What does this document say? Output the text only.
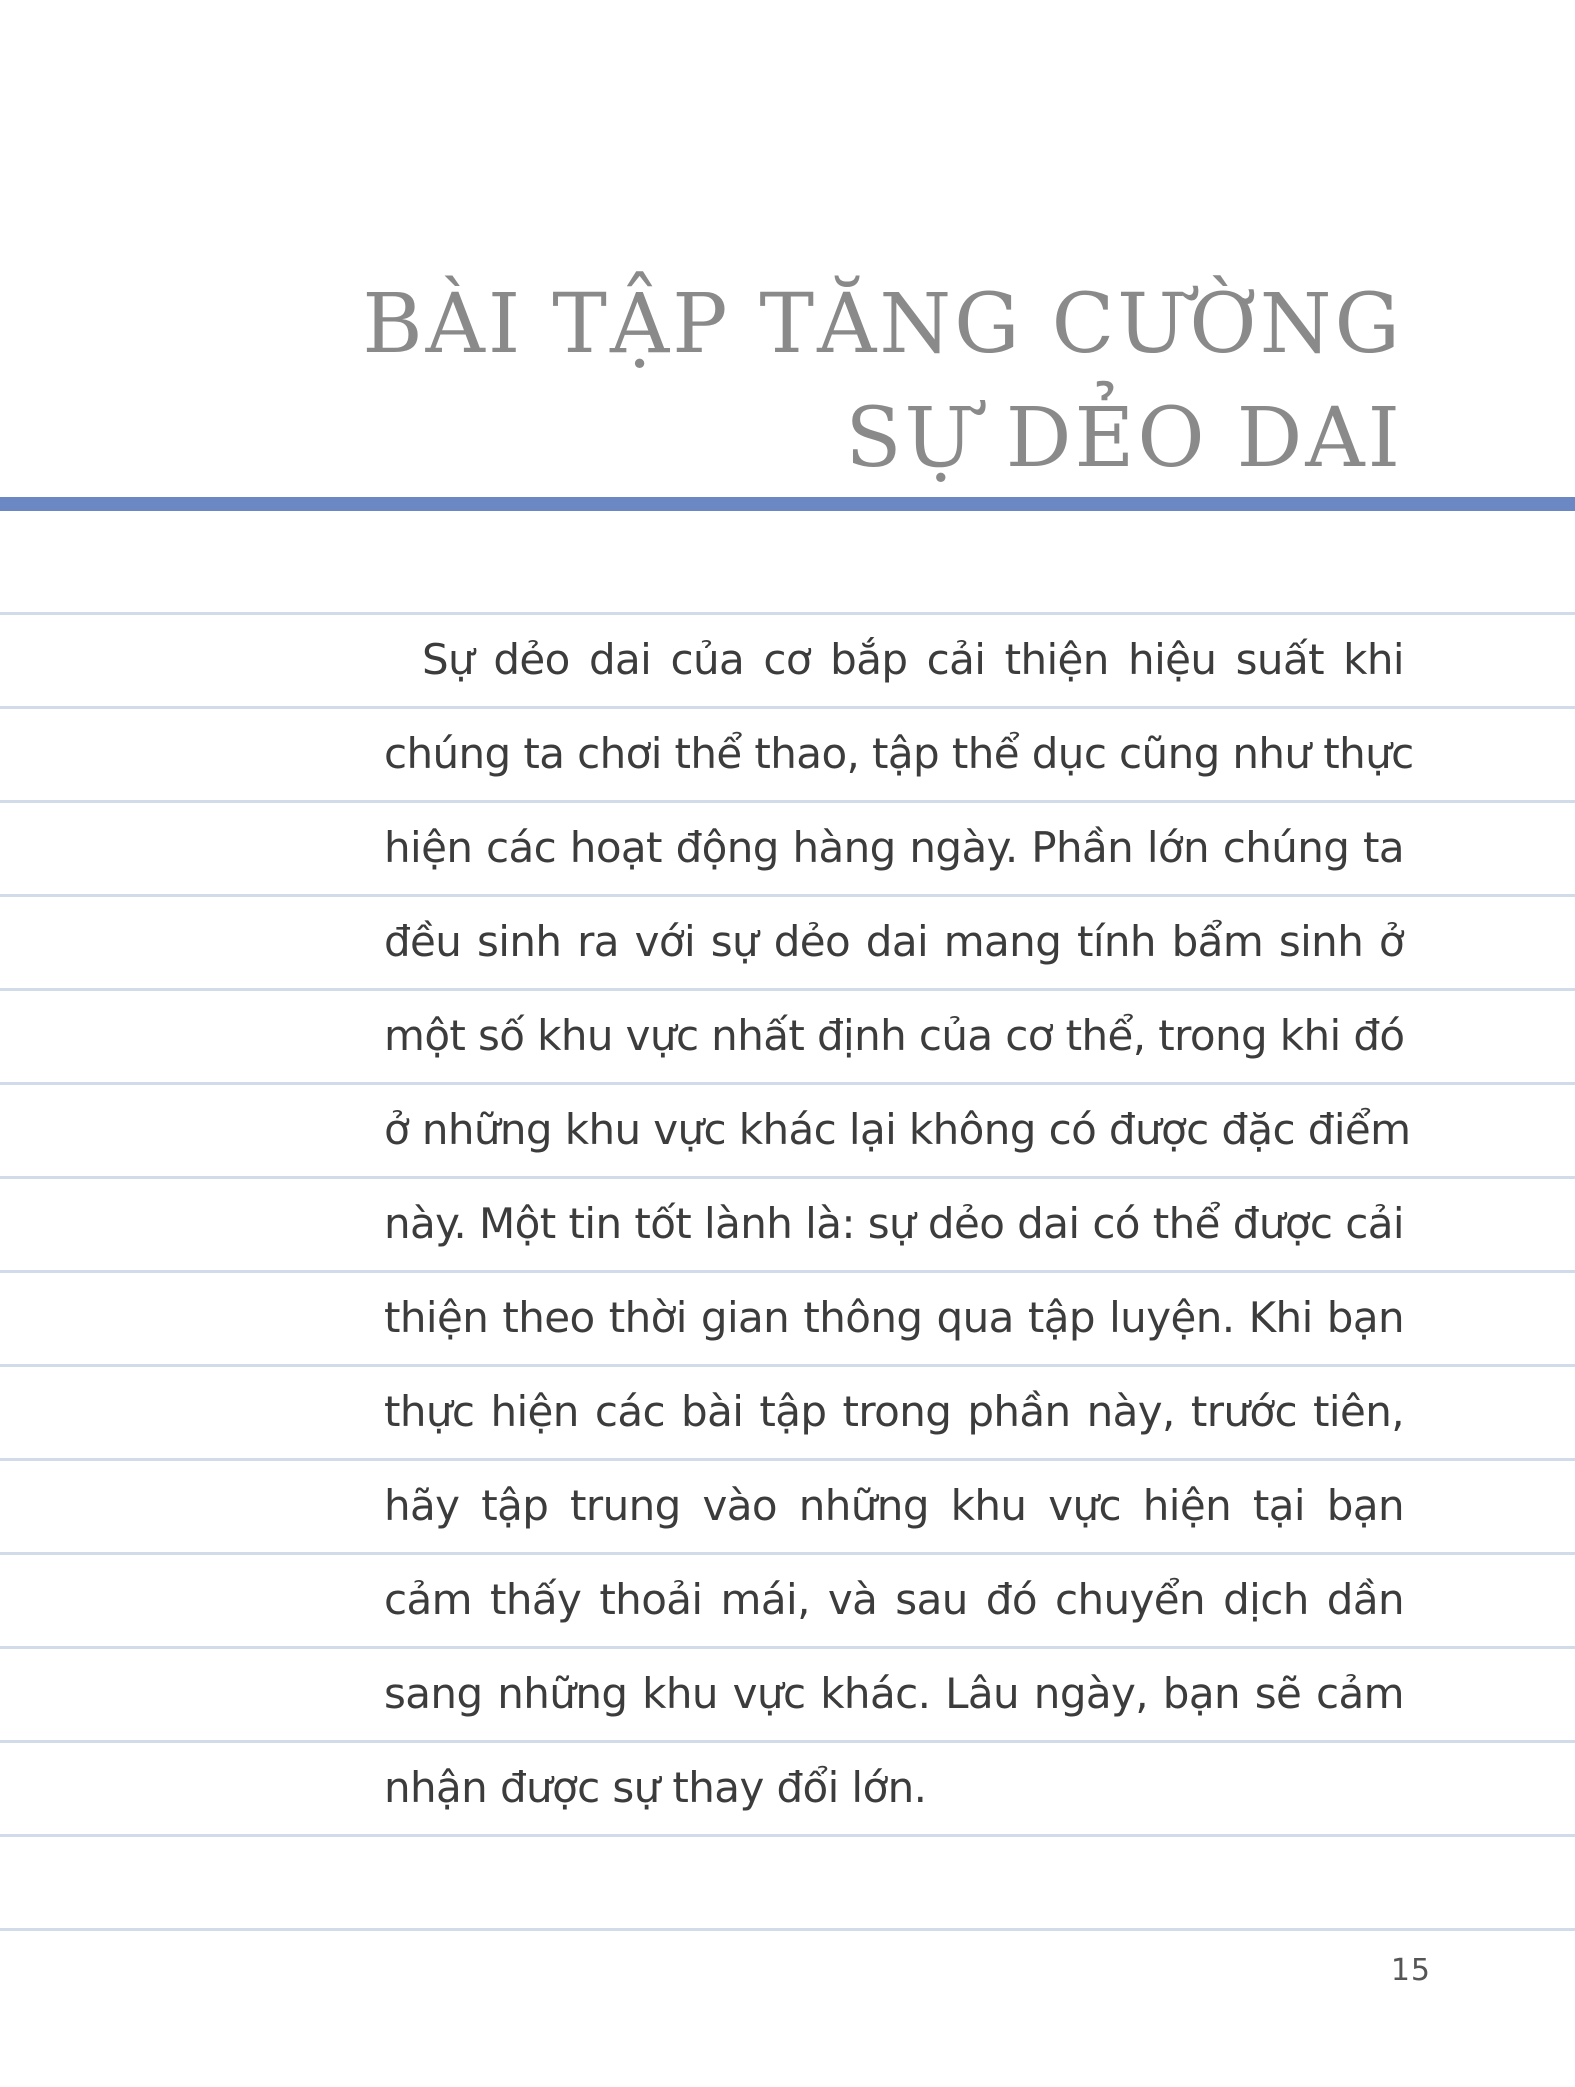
BÀI TẬP TĂNG CƯỜNG
SỰ DẺO DAI
Sự dẻo dai của cơ bắp cải thiện hiệu suất khi
chúng ta chơi thể thao, tập thể dục cũng như thực
hiện các hoạt động hàng ngày. Phần lớn chúng ta
đều sinh ra với sự dẻo dai mang tính bẩm sinh ở
một số khu vực nhất định của cơ thể, trong khi đó
ở những khu vực khác lại không có được đặc điểm
này. Một tin tốt lành là: sự dẻo dai có thể được cải
thiện theo thời gian thông qua tập luyện. Khi bạn
thực hiện các bài tập trong phần này, trước tiên,
hãy tập trung vào những khu vực hiện tại bạn
cảm thấy thoải mái, và sau đó chuyển dịch dần
sang những khu vực khác. Lâu ngày, bạn sẽ cảm
nhận được sự thay đổi lớn.
15
